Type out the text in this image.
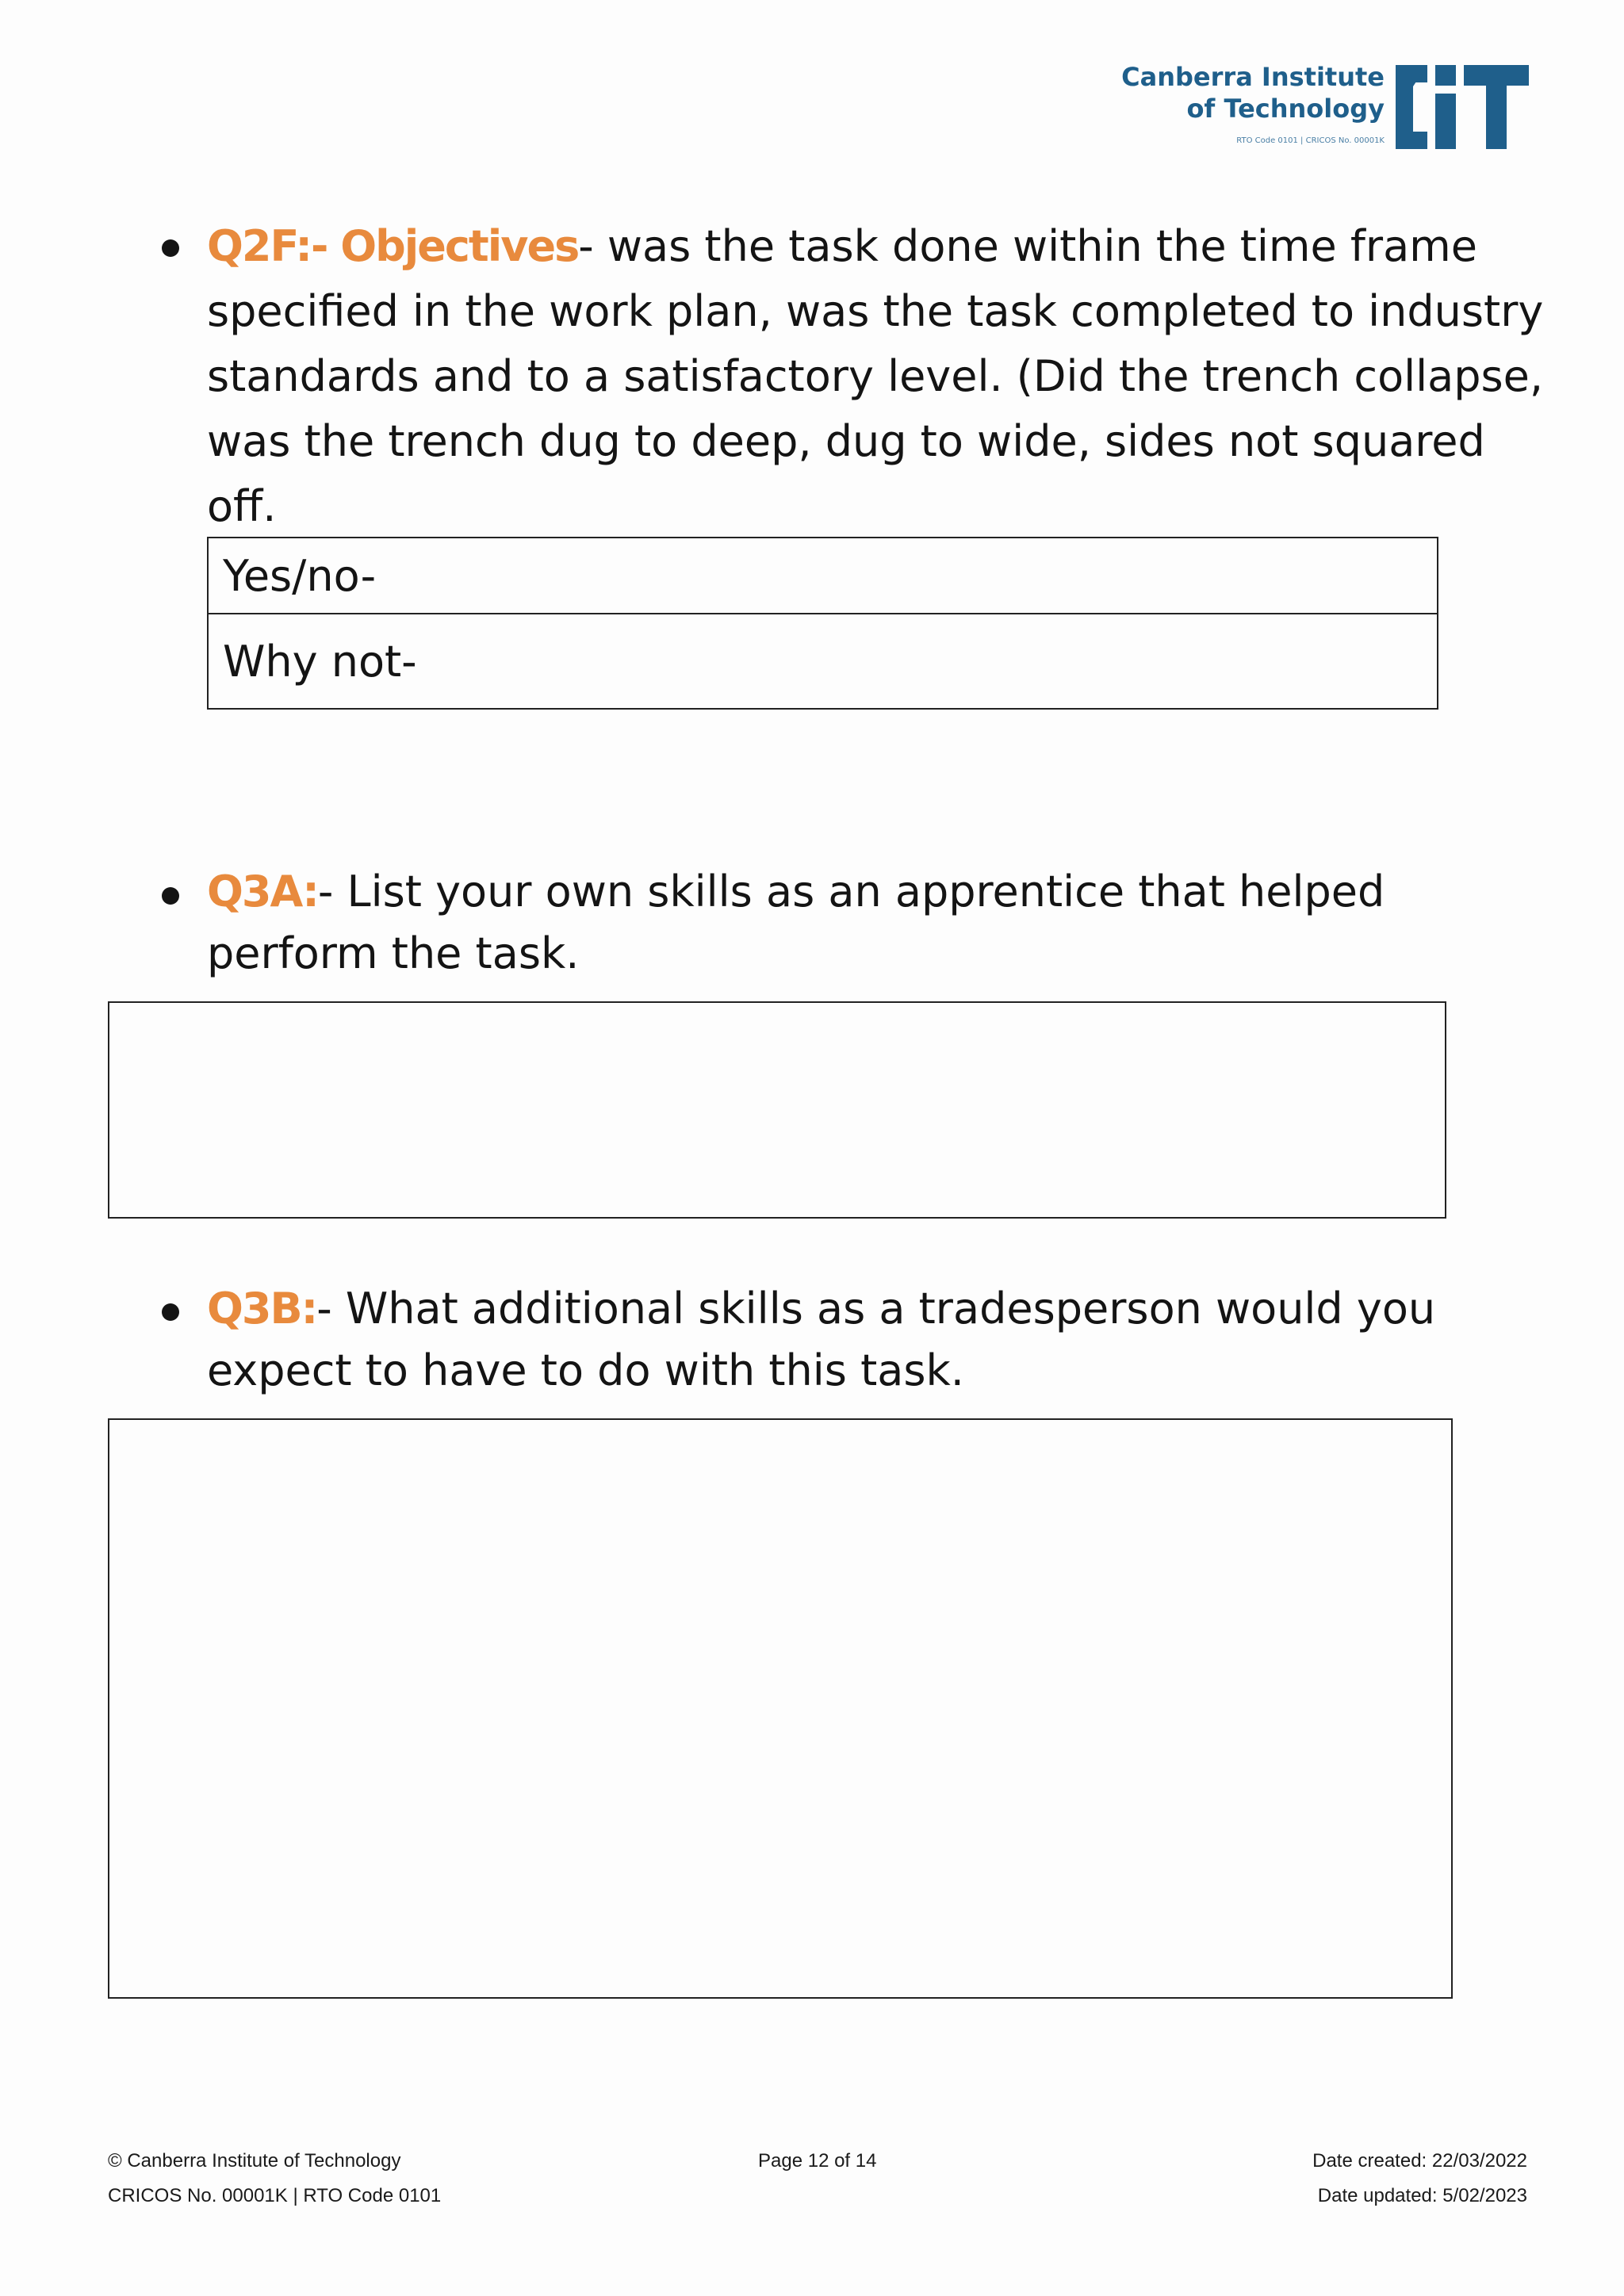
Canberra Institute
of Technology
RTO Code 0101 | CRICOS No. 00001K
Q2F:- Objectives- was the task done within the time frame specified in the work plan, was the task completed to industry standards and to a satisfactory level. (Did the trench collapse, was the trench dug to deep, dug to wide, sides not squared off.
Yes/no-
Why not-
Q3A:- List your own skills as an apprentice that helped perform the task.
Q3B:- What additional skills as a tradesperson would you expect to have to do with this task.
© Canberra Institute of Technology
CRICOS No. 00001K | RTO Code 0101
Page 12 of 14	Date created: 22/03/2022
Date updated: 5/02/2023
